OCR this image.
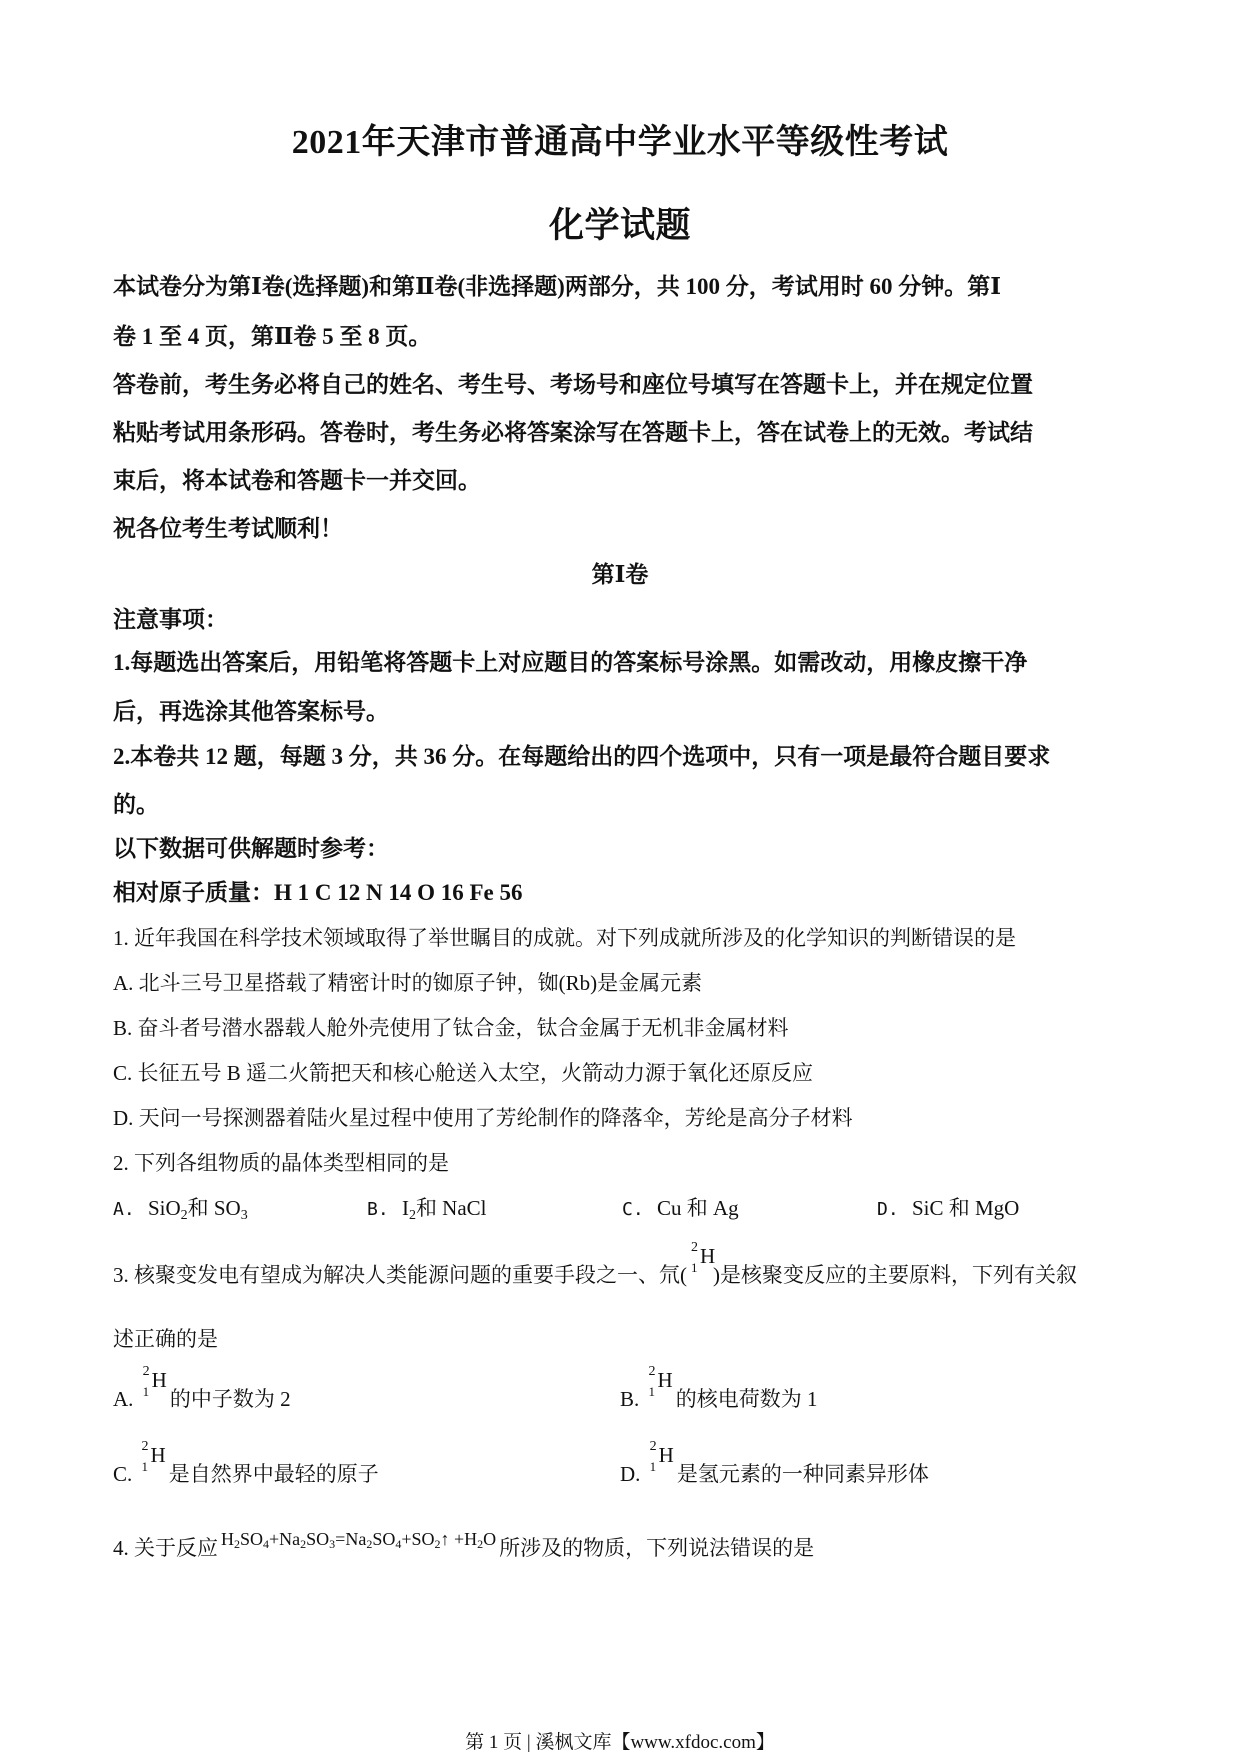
2021年天津市普通高中学业水平等级性考试
化学试题
本试卷分为第Ⅰ卷(选择题)和第Ⅱ卷(非选择题)两部分，共 100 分，考试用时 60 分钟。第Ⅰ
卷 1 至 4 页，第Ⅱ卷 5 至 8 页。
答卷前，考生务必将自己的姓名、考生号、考场号和座位号填写在答题卡上，并在规定位置
粘贴考试用条形码。答卷时，考生务必将答案涂写在答题卡上，答在试卷上的无效。考试结
束后，将本试卷和答题卡一并交回。
祝各位考生考试顺利！
第Ⅰ卷
注意事项：
1.每题选出答案后，用铅笔将答题卡上对应题目的答案标号涂黑。如需改动，用橡皮擦干净
后，再选涂其他答案标号。
2.本卷共 12 题，每题 3 分，共 36 分。在每题给出的四个选项中，只有一项是最符合题目要求
的。
以下数据可供解题时参考：
相对原子质量：H 1 C 12 N 14 O 16 Fe 56
1. 近年我国在科学技术领域取得了举世瞩目的成就。对下列成就所涉及的化学知识的判断错误的是
A. 北斗三号卫星搭载了精密计时的铷原子钟，铷(Rb)是金属元素
B. 奋斗者号潜水器载人舱外壳使用了钛合金，钛合金属于无机非金属材料
C. 长征五号 B 遥二火箭把天和核心舱送入太空，火箭动力源于氧化还原反应
D. 天问一号探测器着陆火星过程中使用了芳纶制作的降落伞，芳纶是高分子材料
2. 下列各组物质的晶体类型相同的是
A. SiO$_2$和 $SO_3$	B. $I_2$和 NaCl	C. Cu 和 Ag	D. SiC 和 MgO
3. 核聚变发电有望成为解决人类能源问题的重要手段之一、氘(
2
1 H
)是核聚变反应的主要原料，下列有关叙
述正确的是
A.
2
1 H
的中子数为 2	B.
2
1 H
的核电荷数为 1
C.
2
1 H
是自然界中最轻的原子	D.
2
1 H
是氢元素的一种同素异形体
4. 关于反应 $H_2SO_4+Na_2SO_3=Na_2SO_4+SO_2↑ +H_2O$ 所涉及的物质，下列说法错误的是
第 1 页 | 溪枫文库【www.xfdoc.com】
